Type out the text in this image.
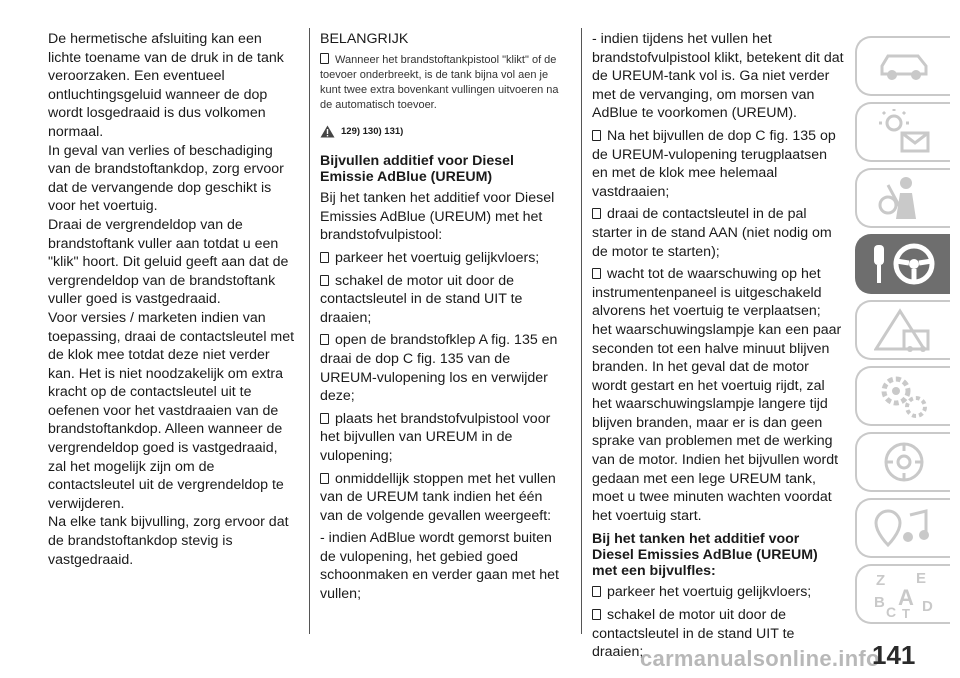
De hermetische afsluiting kan een lichte toename van de druk in de tank veroorzaken. Een eventueel ontluchtingsgeluid wanneer de dop wordt losgedraaid is dus volkomen normaal.

In geval van verlies of beschadiging van de brandstoftankdop, zorg ervoor dat de vervangende dop geschikt is voor het voertuig.

Draai de vergrendeldop van de brandstoftank vuller aan totdat u een "klik" hoort. Dit geluid geeft aan dat de vergrendeldop van de brandstoftank vuller goed is vastgedraaid.

Voor versies / marketen indien van toepassing, draai de contactsleutel met de klok mee totdat deze niet verder kan. Het is niet noodzakelijk om extra kracht op de contactsleutel uit te oefenen voor het vastdraaien van de brandstoftankdop. Alleen wanneer de vergrendeldop goed is vastgedraaid, zal het mogelijk zijn om de contactsleutel uit de vergrendeldop te verwijderen.

Na elke tank bijvulling, zorg ervoor dat de brandstoftankdop stevig is vastgedraaid.

BELANGRIJK

Wanneer het brandstoftankpistool "klikt" of de toevoer onderbreekt, is de tank bijna vol aen je kunt twee extra bovenkant vullingen uitvoeren na de automatisch toevoer.

129) 130) 131)
Bijvullen additief voor Diesel Emissie AdBlue (UREUM)

Bij het tanken het additief voor Diesel Emissies AdBlue (UREUM) met het brandstofvulpistool:

parkeer het voertuig gelijkvloers;

schakel de motor uit door de contactsleutel in de stand UIT te draaien;

open de brandstofklep A fig. 135 en draai de dop C fig. 135 van de UREUM-vulopening los en verwijder deze;

plaats het brandstofvulpistool voor het bijvullen van UREUM in de vulopening;

onmiddellijk stoppen met het vullen van de UREUM tank indien het één van de volgende gevallen weergeeft:

- indien AdBlue wordt gemorst buiten de vulopening, het gebied goed schoonmaken en verder gaan met het vullen;

- indien tijdens het vullen het brandstofvulpistool klikt, betekent dit dat de UREUM-tank vol is. Ga niet verder met de vervanging, om morsen van AdBlue te voorkomen (UREUM).

Na het bijvullen de dop C fig. 135 op de UREUM-vulopening terugplaatsen en met de klok mee helemaal vastdraaien;

draai de contactsleutel in de pal starter in de stand AAN (niet nodig om de motor te starten);

wacht tot de waarschuwing op het instrumentenpaneel is uitgeschakeld alvorens het voertuig te verplaatsen; het waarschuwingslampje kan een paar seconden tot een halve minuut blijven branden. In het geval dat de motor wordt gestart en het voertuig rijdt, zal het waarschuwingslampje langere tijd blijven branden, maar er is dan geen sprake van problemen met de werking van de motor. Indien het bijvullen wordt gedaan met een lege UREUM tank, moet u twee minuten wachten voordat het voertuig start.

Bij het tanken het additief voor Diesel Emissies AdBlue (UREUM) met een bijvulfles:

parkeer het voertuig gelijkvloers;

schakel de motor uit door de contactsleutel in de stand UIT te draaien;

Z E
B A
C T D
carmanualsonline.info
141
